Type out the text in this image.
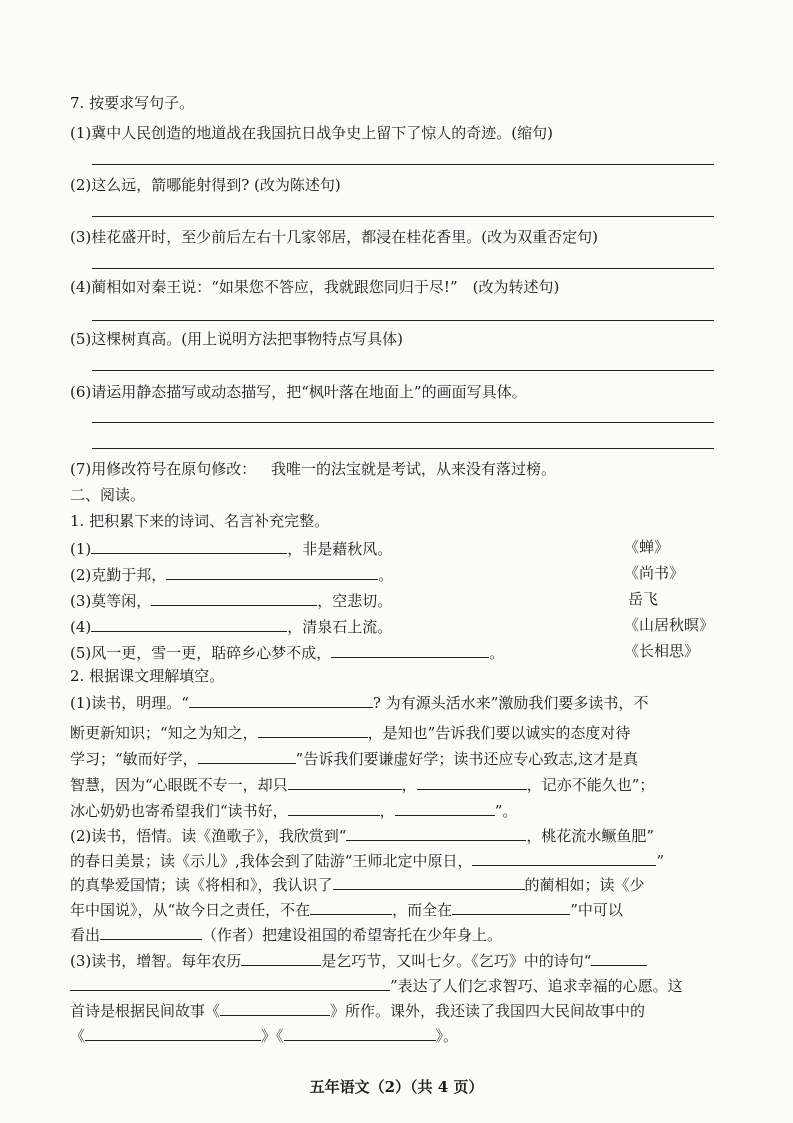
7. 按要求写句子。
(1)冀中人民创造的地道战在我国抗日战争史上留下了惊人的奇迹。(缩句)
(2)这么远，箭哪能射得到? (改为陈述句)
(3)桂花盛开时，至少前后左右十几家邻居，都浸在桂花香里。(改为双重否定句)
(4)蔺相如对秦王说：“如果您不答应，我就跟您同归于尽!”　(改为转述句)
(5)这棵树真高。(用上说明方法把事物特点写具体)
(6)请运用静态描写或动态描写，把“枫叶落在地面上”的画面写具体。
(7)用修改符号在原句修改： 我唯一的法宝就是考试，从来没有落过榜。
二、阅读。
1. 把积累下来的诗词、名言补充完整。
(1)	，非是藉秋风。	《蝉》
(2)克勤于邦，	。	《尚书》
(3)莫等闲，	，空悲切。	岳飞
(4)	，清泉石上流。	《山居秋暝》
(5)风一更，雪一更，聒碎乡心梦不成，	。	《长相思》
2. 根据课文理解填空。
(1)读书，明理。“	? 为有源头活水来”激励我们要多读书，不
断更新知识；“知之为知之，	，是知也”告诉我们要以诚实的态度对待
学习；“敏而好学，	”告诉我们要谦虚好学；读书还应专心致志,这才是真
智慧，因为“心眼既不专一，却只	，	，记亦不能久也”；
冰心奶奶也寄希望我们“读书好，	，	”。
(2)读书，悟情。读《渔歌子》，我欣赏到“	，桃花流水鳜鱼肥”
的春日美景；读《示儿》,我体会到了陆游“王师北定中原日，	”
的真挚爱国情；读《将相和》，我认识了	的蔺相如；读《少
年中国说》，从“故今日之责任，不在	，而全在	”中可以
看出	（作者）把建设祖国的希望寄托在少年身上。
(3)读书，增智。每年农历	是乞巧节，又叫七夕。《乞巧》中的诗句“
”表达了人们乞求智巧、追求幸福的心愿。这
首诗是根据民间故事《	》所作。课外，我还读了我国四大民间故事中的
《	》《	》。
五年语文（2）（共 4 页）
